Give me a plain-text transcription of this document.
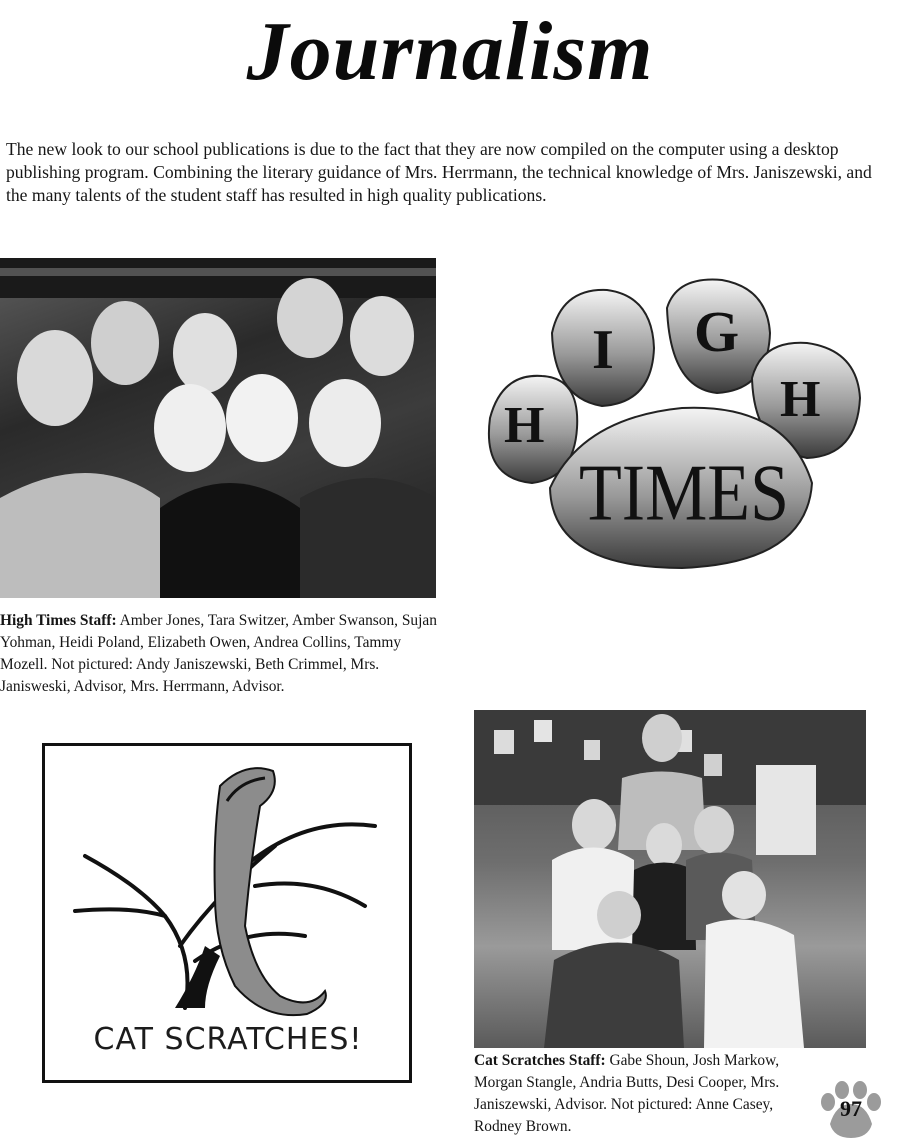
Journalism
The new look to our school publications is due to the fact that they are now compiled on the computer using a desktop publishing program. Combining the literary guidance of Mrs. Herrmann, the technical knowledge of Mrs. Janiszewski, and the many talents of the student staff has resulted in high quality publications.
H
I G
H
TIMES
High Times Staff: Amber Jones, Tara Switzer, Amber Swanson, Sujan Yohman, Heidi Poland, Elizabeth Owen, Andrea Collins, Tammy Mozell. Not pictured: Andy Janiszewski, Beth Crimmel, Mrs. Janisweski, Advisor, Mrs. Herrmann, Advisor.
CAT SCRATCHES!
Cat Scratches Staff: Gabe Shoun, Josh Markow, Morgan Stangle, Andria Butts, Desi Cooper, Mrs. Janiszewski, Advisor. Not pictured: Anne Casey, Rodney Brown.
97
